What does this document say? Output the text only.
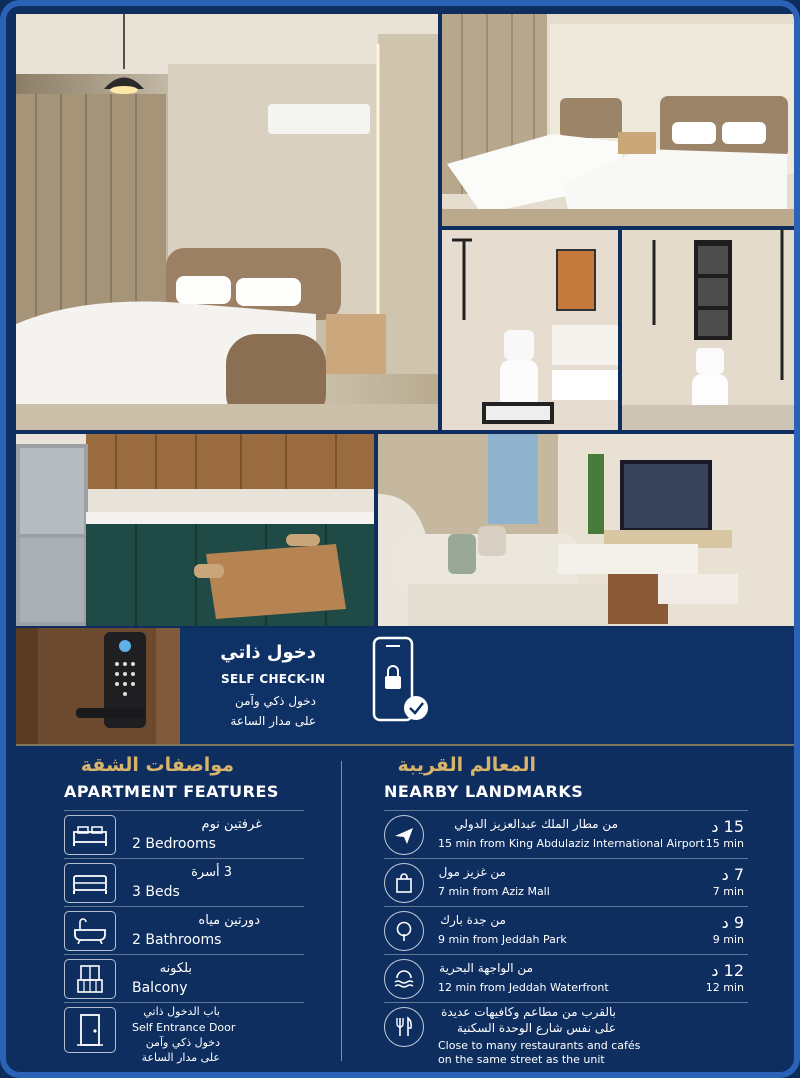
دخول ذاتي
SELF CHECK-IN
دخول ذكي وآمن
على مدار الساعة
مواصفات الشقة
APARTMENT FEATURES
غرفتين نوم
2 Bedrooms
3 أسرة
3 Beds
دورتين مياه
2 Bathrooms
بلكونه
Balcony
باب الدخول ذاتي
Self Entrance Door
دخول ذكي وآمن
على مدار الساعة
المعالم القريبة
NEARBY LANDMARKS
من مطار الملك عبدالعزيز الدولي
15 min from King Abdulaziz International Airport
15 د
15 min
من غزيز مول
7 min from Aziz Mall
7 د
7 min
من جدة بارك
9 min from Jeddah Park
9 د
9 min
من الواجهة البحرية
12 min from Jeddah Waterfront
12 د
12 min
بالقرب من مطاعم وكافيهات عديدة
على نفس شارع الوحدة السكنية
Close to many restaurants and cafés
on the same street as the unit
